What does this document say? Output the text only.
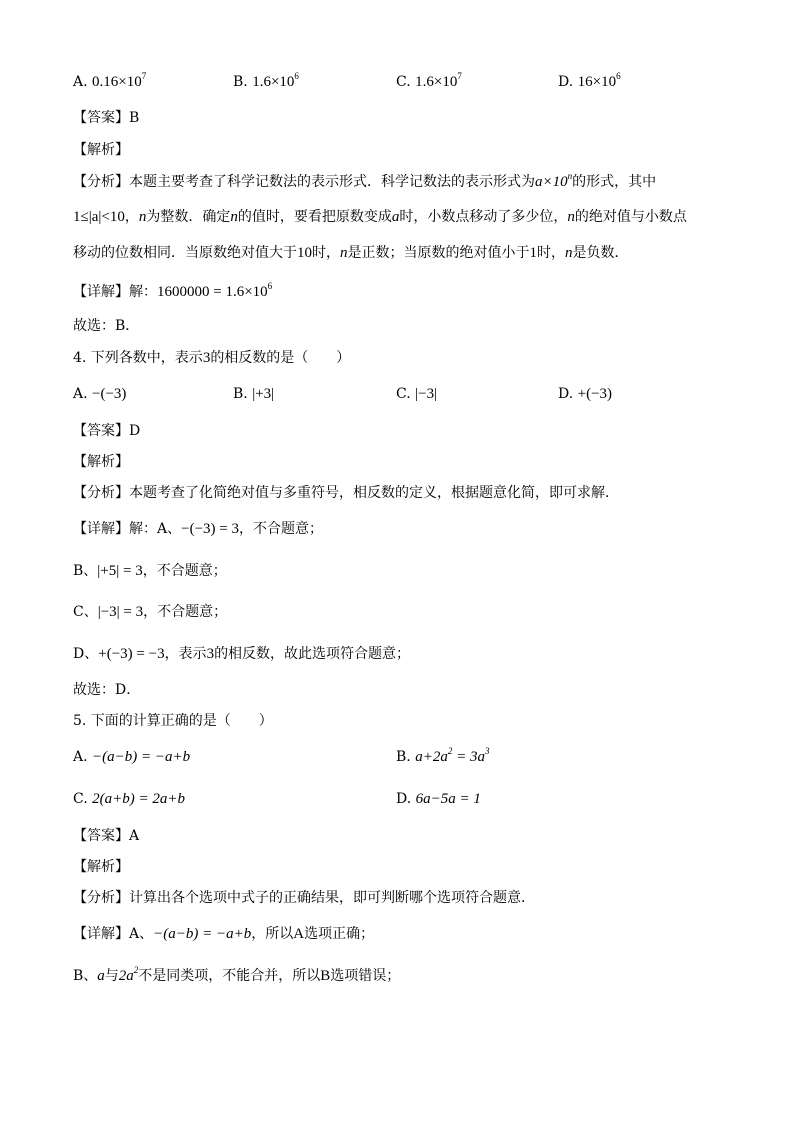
A. $0.16\times 10^7$	B. $1.6\times 10^6$	C. $1.6\times 10^7$	D. $16\times 10^6$
【答案】B
【解析】
【分析】本题主要考查了科学记数法的表示形式．科学记数法的表示形式为$a\times 10^n$的形式，其中
1≤|a|<10，n为整数．确定n的值时，要看把原数变成a时，小数点移动了多少位，n的绝对值与小数点
移动的位数相同．当原数绝对值大于10时，n是正数；当原数的绝对值小于1时，n是负数．
【详解】解：$1600000 = 1.6\times 10^6$
故选：B．
4. 下列各数中，表示3的相反数的是（　　）
A. −(−3)	B. |+3|	C. |−3|	D. +(−3)
【答案】D
【解析】
【分析】本题考查了化简绝对值与多重符号，相反数的定义，根据题意化简，即可求解．
【详解】解：A、−(−3) = 3，不合题意；
B、|+5| = 3，不合题意；
C、|−3| = 3，不合题意；
D、+(−3) = −3，表示3的相反数，故此选项符合题意；
故选：D．
5. 下面的计算正确的是（　　）
A. −(a−b) = −a+b	B. $a+2a^2 = 3a^3$
C. 2(a+b) = 2a+b	D. 6a−5a = 1
【答案】A
【解析】
【分析】计算出各个选项中式子的正确结果，即可判断哪个选项符合题意．
【详解】A、−(a−b) = −a+b，所以A选项正确；
B、a与$2a^2$不是同类项，不能合并，所以B选项错误；
